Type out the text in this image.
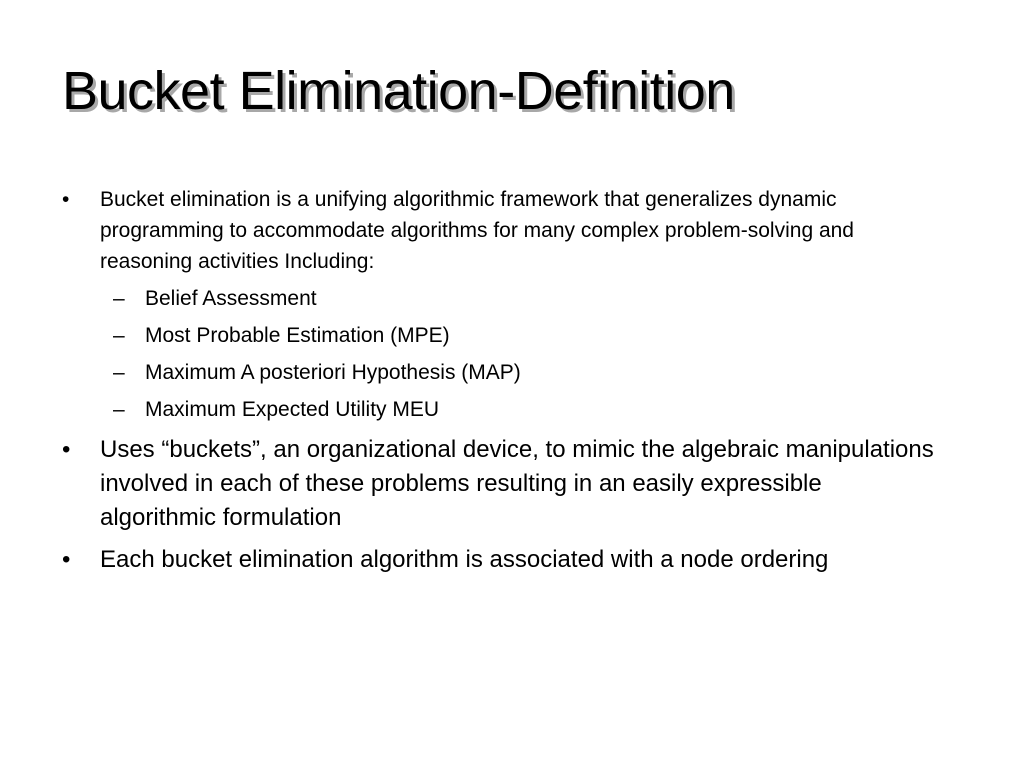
Bucket Elimination-Definition
• Bucket elimination is a unifying algorithmic framework that generalizes dynamic programming to accommodate algorithms for many complex problem-solving and reasoning activities Including:
– Belief Assessment
– Most Probable Estimation (MPE)
– Maximum A posteriori Hypothesis (MAP)
– Maximum Expected Utility MEU
• Uses “buckets”, an organizational device, to mimic the algebraic manipulations involved in each of these problems resulting in an easily expressible algorithmic formulation
• Each bucket elimination algorithm is associated with a node ordering
